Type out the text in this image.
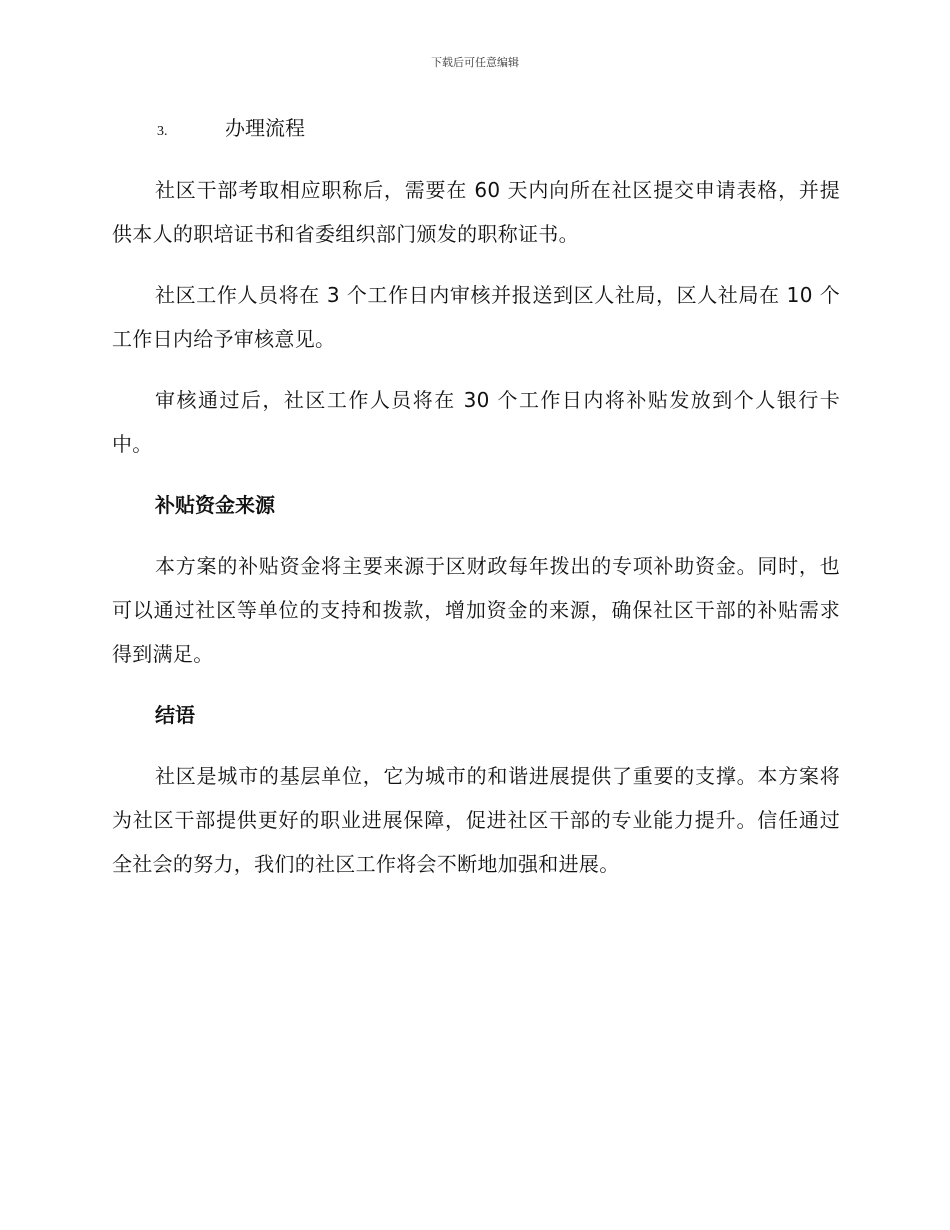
下载后可任意编辑
3.	办理流程

社区干部考取相应职称后，需要在 60 天内向所在社区提交申请表格，并提供本人的职培证书和省委组织部门颁发的职称证书。

社区工作人员将在 3 个工作日内审核并报送到区人社局，区人社局在 10 个工作日内给予审核意见。

审核通过后，社区工作人员将在 30 个工作日内将补贴发放到个人银行卡中。

补贴资金来源

本方案的补贴资金将主要来源于区财政每年拨出的专项补助资金。同时，也可以通过社区等单位的支持和拨款，增加资金的来源，确保社区干部的补贴需求得到满足。

结语

社区是城市的基层单位，它为城市的和谐进展提供了重要的支撑。本方案将为社区干部提供更好的职业进展保障，促进社区干部的专业能力提升。信任通过全社会的努力，我们的社区工作将会不断地加强和进展。
